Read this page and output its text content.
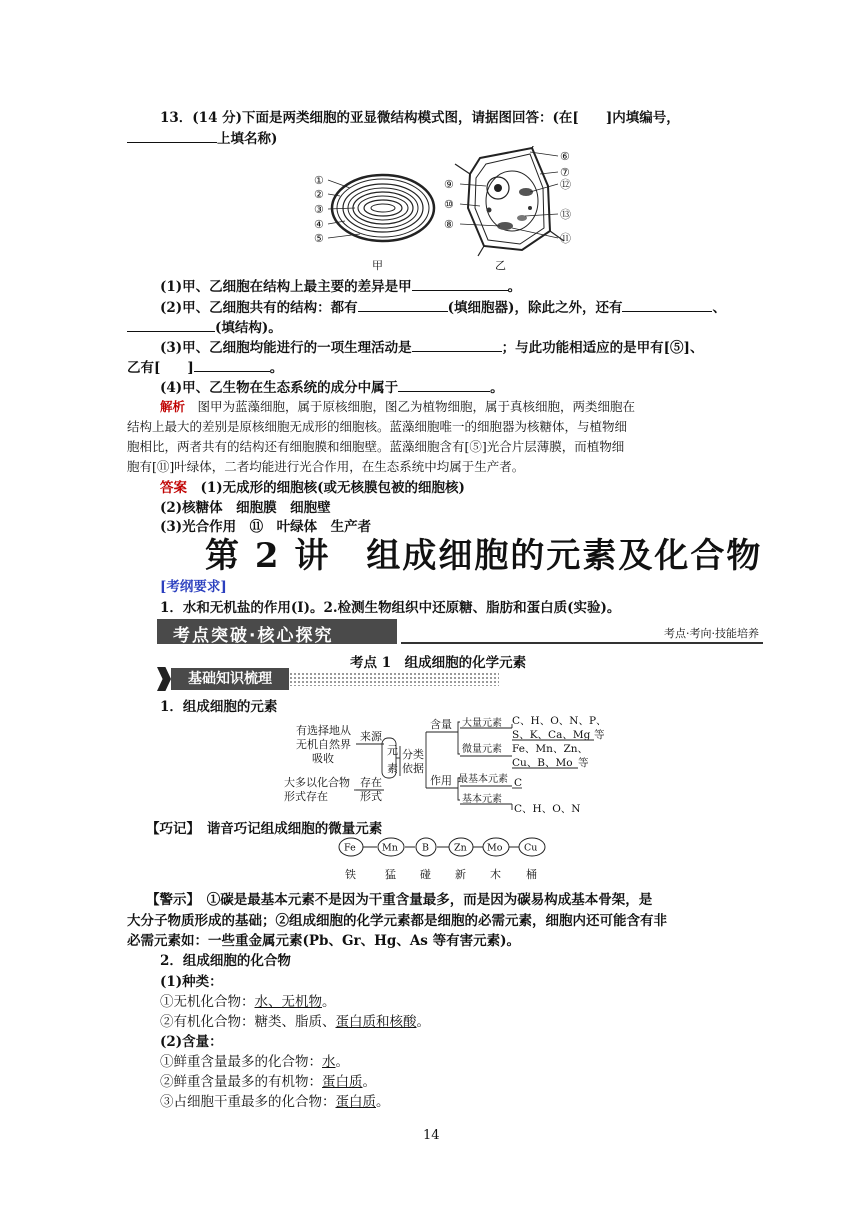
13．(14 分)下面是两类细胞的亚显微结构模式图，请据图回答：(在[　　]内填编号，
上填名称)
①
②
③
④
⑤
甲
⑨
⑩
⑧
⑥
⑦
⑫
⑬
⑪
乙
(1)甲、乙细胞在结构上最主要的差异是甲	。
(2)甲、乙细胞共有的结构：都有	(填细胞器)，除此之外，还有	、
(填结构)。
(3)甲、乙细胞均能进行的一项生理活动是	；与此功能相适应的是甲有[⑤]、
乙有[　　]	。
(4)甲、乙生物在生态系统的成分中属于	。
解析　 图甲为蓝藻细胞，属于原核细胞，图乙为植物细胞，属于真核细胞，两类细胞在
结构上最大的差别是原核细胞无成形的细胞核。蓝藻细胞唯一的细胞器为核糖体，与植物细
胞相比，两者共有的结构还有细胞膜和细胞壁。蓝藻细胞含有[⑤]光合片层薄膜，而植物细
胞有[⑪]叶绿体，二者均能进行光合作用，在生态系统中均属于生产者。
答案　 (1)无成形的细胞核(或无核膜包被的细胞核)
(2)核糖体　细胞膜　细胞壁
(3)光合作用　⑪　叶绿体　生产者
第 2 讲　组成细胞的元素及化合物
[考纲要求]
1．水和无机盐的作用(Ⅰ)。2.检测生物组织中还原糖、脂肪和蛋白质(实验)。
考点突破·核心探究	考点·考向·技能培养
考点 1　组成细胞的化学元素
基础知识梳理
1．组成细胞的元素
有选择地从
无机自然界
吸收
来源
大多以化合物
形式存在
存在
形式
元
素
分类
依据
含量
作用
大量元素 C、H、O、N、P、
S、K、Ca、Mg 等
微量元素 Fe、Mn、Zn、
Cu、B、Mo 等
最基本元素 C
基本元素
C、H、O、N
【巧记】　 谐音巧记组成细胞的微量元素
Fe	Mn	B	Zn Mo Cu
铁	猛 碰 新 木 桶
【警示】　①碳是最基本元素不是因为干重含量最多，而是因为碳易构成基本骨架，是
大分子物质形成的基础；②组成细胞的化学元素都是细胞的必需元素，细胞内还可能含有非
必需元素如：一些重金属元素(Pb、Gr、Hg、As 等有害元素)。
2．组成细胞的化合物
(1)种类：
①无机化合物：水、无机物。
②有机化合物：糖类、脂质、蛋白质和核酸。
(2)含量：
①鲜重含量最多的化合物：水。
②鲜重含量最多的有机物：蛋白质。
③占细胞干重最多的化合物：蛋白质。
14
